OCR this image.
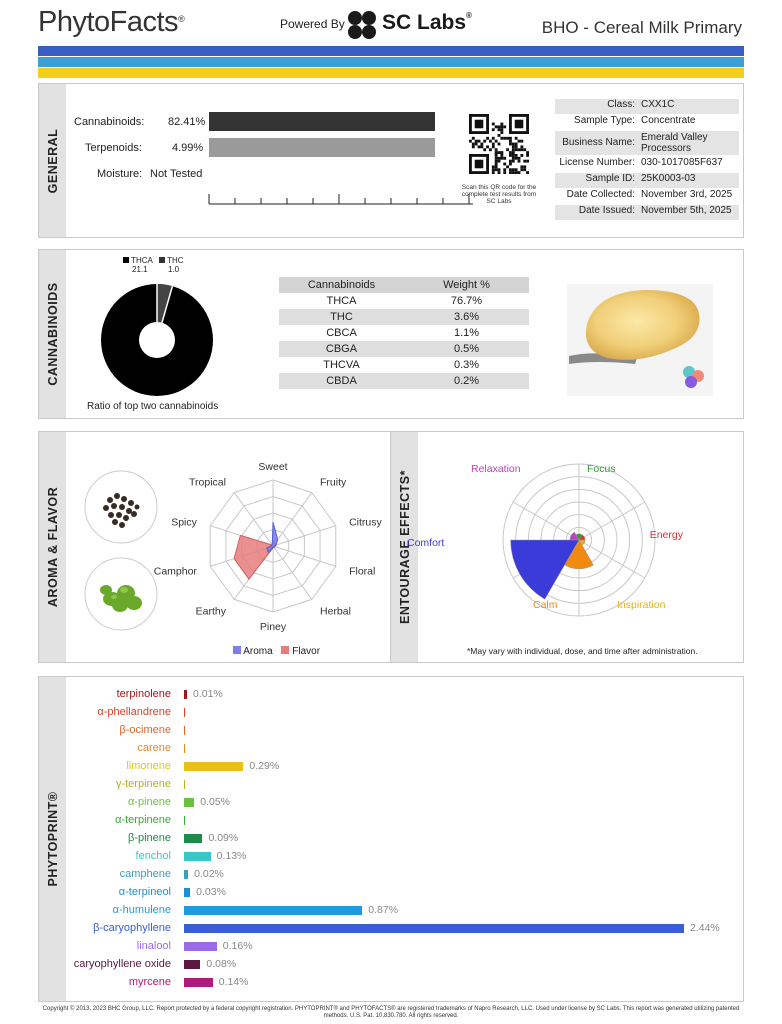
PhytoFacts®	Powered By SC Labs®
BHO - Cereal Milk Primary
GENERAL
Cannabinoids: 82.41%
Terpenoids:	4.99%
Moisture: Not Tested
Scan this QR code for the complete test results from SC Labs
Class: CXX1C
Sample Type: Concentrate
Business Name: Emerald Valley Processors
License Number: 030-1017085F637
Sample ID: 25K0003-03
Date Collected: November 3rd, 2025
Date Issued: November 5th, 2025
CANNABINOIDS
THCA
21.1
THC
1.0
Ratio of top two cannabinoids
Cannabinoids	Weight %
THCA	76.7%
THC	3.6%
CBCA	1.1%
CBGA	0.5%
THCVA	0.3%
CBDA	0.2%
AROMA & FLAVOR
Sweet
Fruity
Citrusy
Floral
Herbal
Piney
Earthy
Camphor
Spicy
Tropical
Aroma Flavor
ENTOURAGE EFFECTS*
Relaxation	Focus
Energy
Inspiration
Calm
Comfort
*May vary with individual, dose, and time after administration.
PHYTOPRINT®
terpinolene 0.01%
α-phellandrene
β-ocimene
carene
limonene	0.29%
γ-terpinene
α-pinene	0.05%
α-terpinene
β-pinene	0.09%
fenchol	0.13%
camphene 0.02%
α-terpineol 0.03%
α-humulene	0.87%
β-caryophyllene	2.44%
linalool	0.16%
caryophyllene oxide	0.08%
myrcene	0.14%
Copyright © 2013, 2023 BHC Group, LLC. Report protected by a federal copyright registration. PHYTOPRINT® and PHYTOFACTS® are registered trademarks of Napro Research, LLC. Used under license by SC Labs. This report was generated utilizing patented methods. U.S. Pat. 10,830,780. All rights reserved.
